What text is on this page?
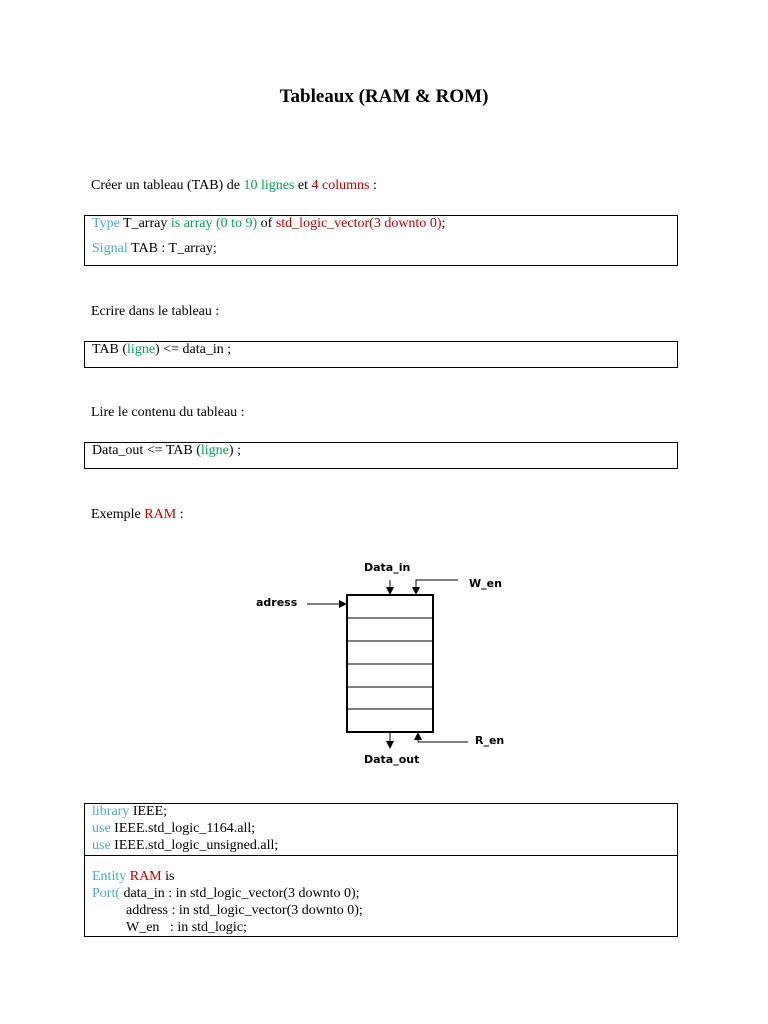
Tableaux (RAM & ROM)
Créer un tableau (TAB) de 10 lignes et 4 columns :
Type T_array is array (0 to 9) of std_logic_vector(3 downto 0);
Signal TAB : T_array;
Ecrire dans le tableau :
TAB (ligne) <= data_in ;
Lire le contenu du tableau :
Data_out <= TAB (ligne) ;
Exemple RAM :
Data_in
W_en
adress
R_en
Data_out
library IEEE;
use IEEE.std_logic_1164.all;
use IEEE.std_logic_unsigned.all;
Entity RAM is
Port( data_in : in std_logic_vector(3 downto 0);
address : in std_logic_vector(3 downto 0);
W_en   : in std_logic;
